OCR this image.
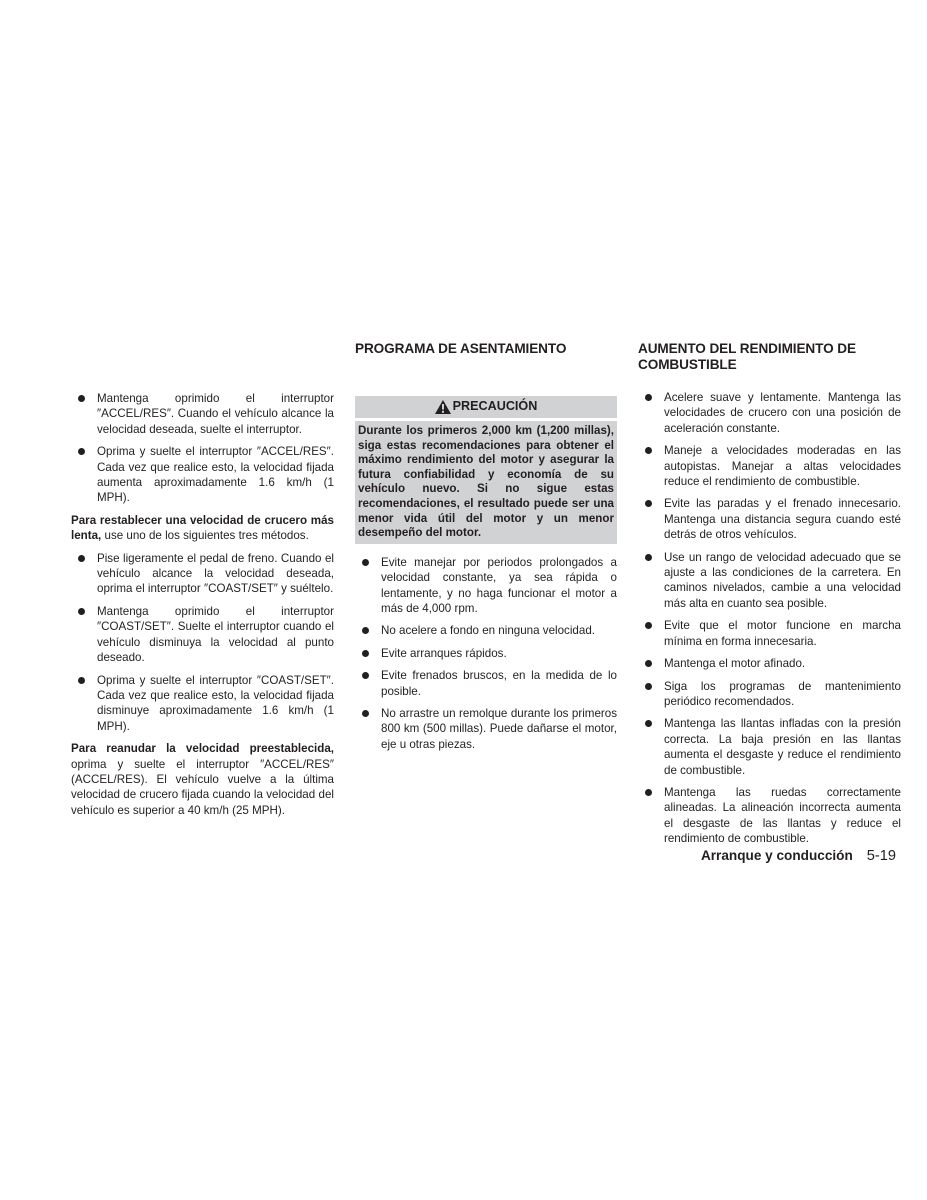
Mantenga oprimido el interruptor ″ACCEL/RES″. Cuando el vehículo alcance la velocidad deseada, suelte el interruptor.
Oprima y suelte el interruptor ″ACCEL/RES″. Cada vez que realice esto, la velocidad fijada aumenta aproximadamente 1.6 km/h (1 MPH).
Para restablecer una velocidad de crucero más lenta, use uno de los siguientes tres métodos.
Pise ligeramente el pedal de freno. Cuando el vehículo alcance la velocidad deseada, oprima el interruptor ″COAST/SET″ y suéltelo.
Mantenga oprimido el interruptor ″COAST/SET″. Suelte el interruptor cuando el vehículo disminuya la velocidad al punto deseado.
Oprima y suelte el interruptor ″COAST/SET″. Cada vez que realice esto, la velocidad fijada disminuye aproximadamente 1.6 km/h (1 MPH).
Para reanudar la velocidad preestablecida, oprima y suelte el interruptor ″ACCEL/RES″ (ACCEL/RES). El vehículo vuelve a la última velocidad de crucero fijada cuando la velocidad del vehículo es superior a 40 km/h (25 MPH).
PROGRAMA DE ASENTAMIENTO
PRECAUCIÓN
Durante los primeros 2,000 km (1,200 millas), siga estas recomendaciones para obtener el máximo rendimiento del motor y asegurar la futura confiabilidad y economía de su vehículo nuevo. Si no sigue estas recomendaciones, el resultado puede ser una menor vida útil del motor y un menor desempeño del motor.
Evite manejar por periodos prolongados a velocidad constante, ya sea rápida o lentamente, y no haga funcionar el motor a más de 4,000 rpm.
No acelere a fondo en ninguna velocidad.
Evite arranques rápidos.
Evite frenados bruscos, en la medida de lo posible.
No arrastre un remolque durante los primeros 800 km (500 millas). Puede dañarse el motor, eje u otras piezas.
AUMENTO DEL RENDIMIENTO DE COMBUSTIBLE
Acelere suave y lentamente. Mantenga las velocidades de crucero con una posición de aceleración constante.
Maneje a velocidades moderadas en las autopistas. Manejar a altas velocidades reduce el rendimiento de combustible.
Evite las paradas y el frenado innecesario. Mantenga una distancia segura cuando esté detrás de otros vehículos.
Use un rango de velocidad adecuado que se ajuste a las condiciones de la carretera. En caminos nivelados, cambie a una velocidad más alta en cuanto sea posible.
Evite que el motor funcione en marcha mínima en forma innecesaria.
Mantenga el motor afinado.
Siga los programas de mantenimiento periódico recomendados.
Mantenga las llantas infladas con la presión correcta. La baja presión en las llantas aumenta el desgaste y reduce el rendimiento de combustible.
Mantenga las ruedas correctamente alineadas. La alineación incorrecta aumenta el desgaste de las llantas y reduce el rendimiento de combustible.
Arranque y conducción 5-19
